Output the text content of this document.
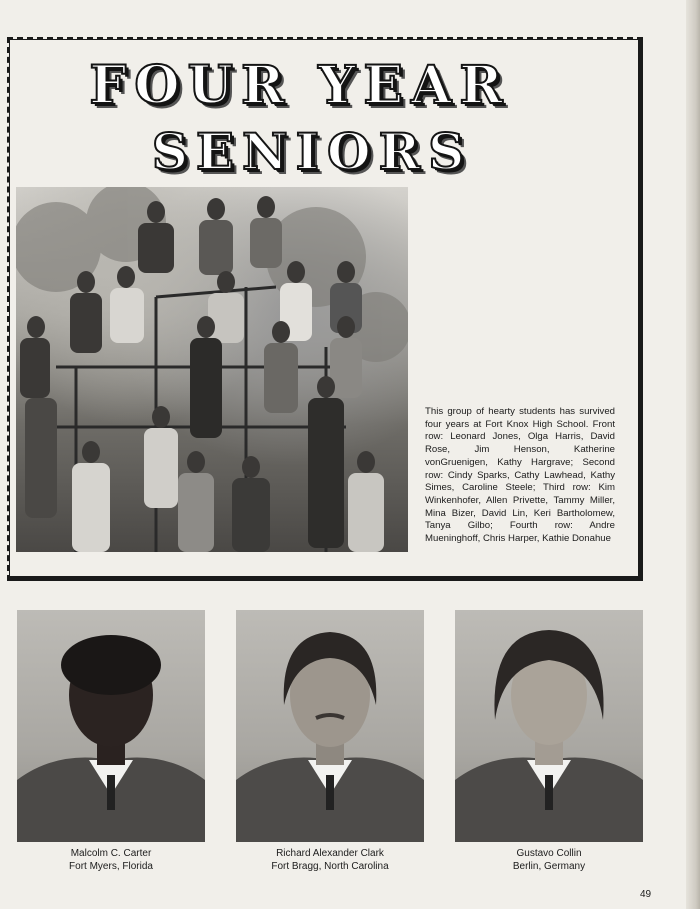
FOUR YEAR
SENIORS
This group of hearty students has survived four years at Fort Knox High School. Front row: Leonard Jones, Olga Harris, David Rose, Jim Henson, Katherine vonGruenigen, Kathy Hargrave; Second row: Cindy Sparks, Cathy Lawhead, Kathy Simes, Caroline Steele; Third row: Kim Winkenhofer, Allen Privette, Tammy Miller, Mina Bizer, David Lin, Keri Bartholomew, Tanya Gilbo; Fourth row: Andre Mueninghoff, Chris Harper, Kathie Donahue
Malcolm C. Carter
Fort Myers, Florida
Richard Alexander Clark
Fort Bragg, North Carolina
Gustavo Collin
Berlin, Germany
49
